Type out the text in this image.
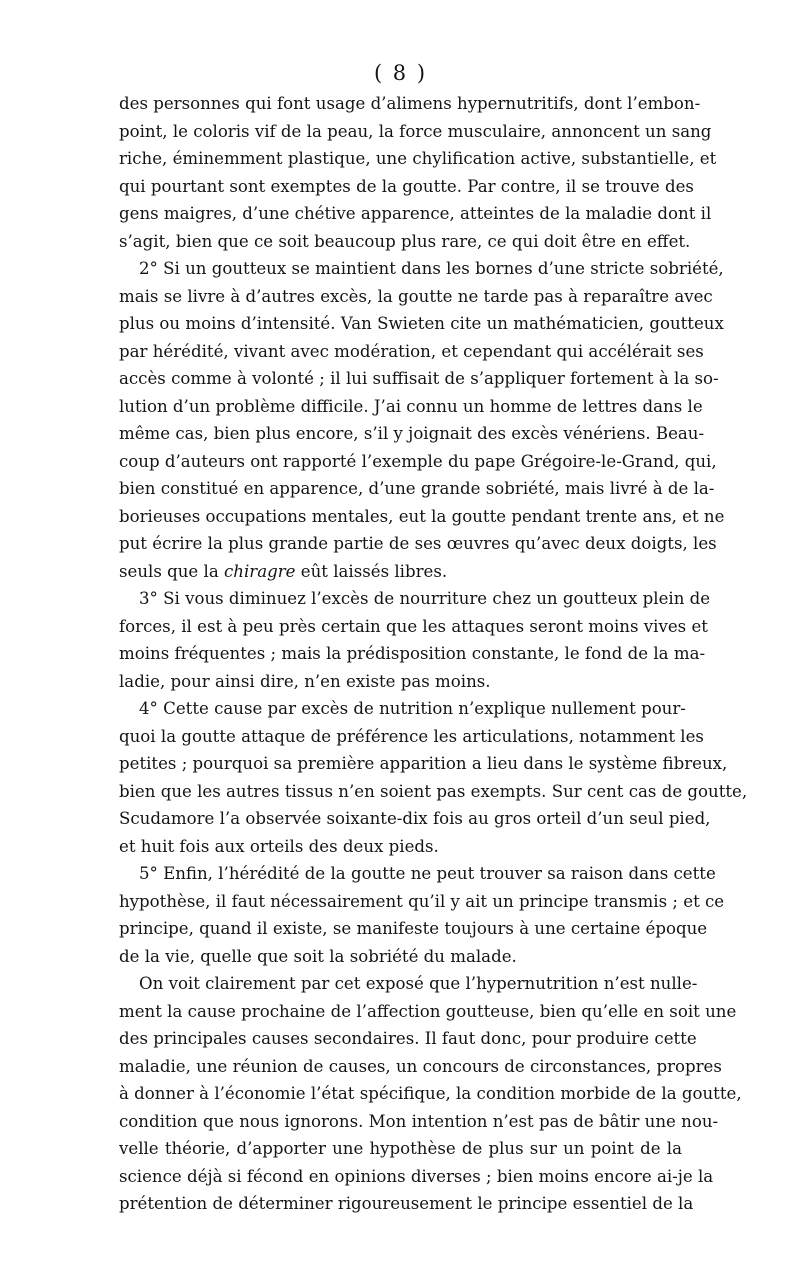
( 8 )
des personnes qui font usage d’alimens hypernutritifs, dont l’embon-
point, le coloris vif de la peau, la force musculaire, annoncent un sang
riche, éminemment plastique, une chylification active, substantielle, et
qui pourtant sont exemptes de la goutte. Par contre, il se trouve des
gens maigres, d’une chétive apparence, atteintes de la maladie dont il
s’agit, bien que ce soit beaucoup plus rare, ce qui doit être en effet.
2° Si un goutteux se maintient dans les bornes d’une stricte sobriété,
mais se livre à d’autres excès, la goutte ne tarde pas à reparaître avec
plus ou moins d’intensité. Van Swieten cite un mathématicien, goutteux
par hérédité, vivant avec modération, et cependant qui accélérait ses
accès comme à volonté ; il lui suffisait de s’appliquer fortement à la so-
lution d’un problème difficile. J’ai connu un homme de lettres dans le
même cas, bien plus encore, s’il y joignait des excès vénériens. Beau-
coup d’auteurs ont rapporté l’exemple du pape Grégoire-le-Grand, qui,
bien constitué en apparence, d’une grande sobriété, mais livré à de la-
borieuses occupations mentales, eut la goutte pendant trente ans, et ne
put écrire la plus grande partie de ses œuvres qu’avec deux doigts, les
seuls que la chiragre eût laissés libres.
3° Si vous diminuez l’excès de nourriture chez un goutteux plein de
forces, il est à peu près certain que les attaques seront moins vives et
moins fréquentes ; mais la prédisposition constante, le fond de la ma-
ladie, pour ainsi dire, n’en existe pas moins.
4° Cette cause par excès de nutrition n’explique nullement pour-
quoi la goutte attaque de préférence les articulations, notamment les
petites ; pourquoi sa première apparition a lieu dans le système fibreux,
bien que les autres tissus n’en soient pas exempts. Sur cent cas de goutte,
Scudamore l’a observée soixante-dix fois au gros orteil d’un seul pied,
et huit fois aux orteils des deux pieds.
5° Enfin, l’hérédité de la goutte ne peut trouver sa raison dans cette
hypothèse, il faut nécessairement qu’il y ait un principe transmis ; et ce
principe, quand il existe, se manifeste toujours à une certaine époque
de la vie, quelle que soit la sobriété du malade.
On voit clairement par cet exposé que l’hypernutrition n’est nulle-
ment la cause prochaine de l’affection goutteuse, bien qu’elle en soit une
des principales causes secondaires. Il faut donc, pour produire cette
maladie, une réunion de causes, un concours de circonstances, propres
à donner à l’économie l’état spécifique, la condition morbide de la goutte,
condition que nous ignorons. Mon intention n’est pas de bâtir une nou-
velle théorie, d’apporter une hypothèse de plus sur un point de la
science déjà si fécond en opinions diverses ; bien moins encore ai-je la
prétention de déterminer rigoureusement le principe essentiel de la
